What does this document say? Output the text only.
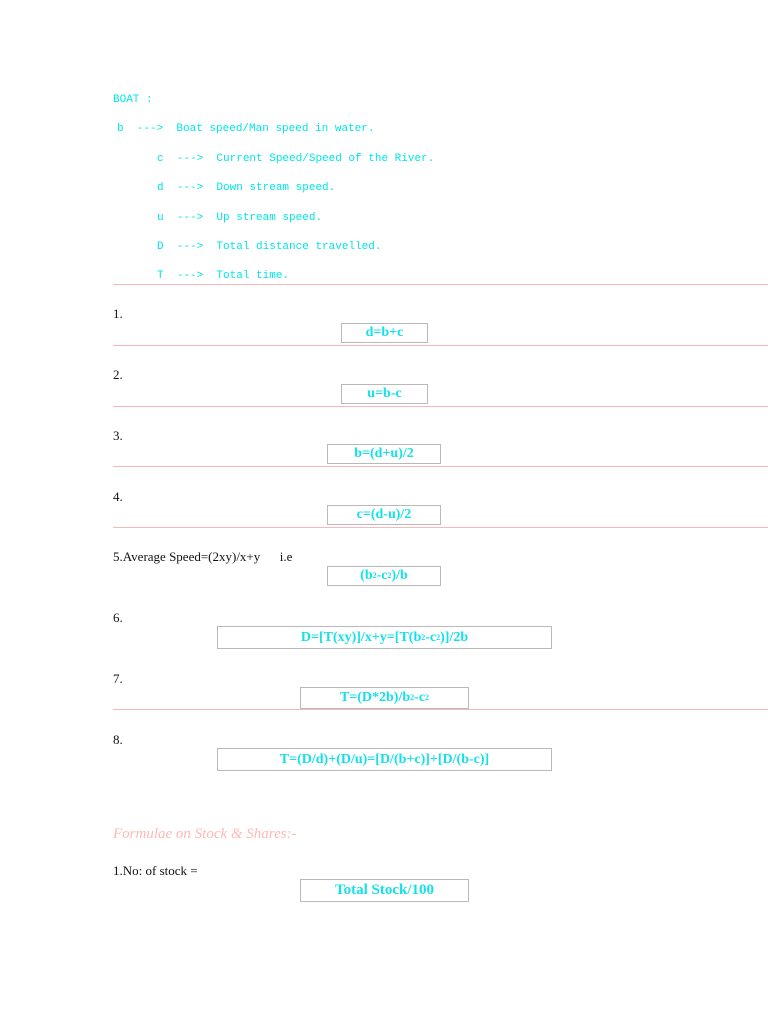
BOAT :
b ---> Boat speed/Man speed in water.
c ---> Current Speed/Speed of the River.
d ---> Down stream speed.
u ---> Up stream speed.
D ---> Total distance travelled.
T ---> Total time.
1.
d=b+c
2.
u=b-c
3.
b=(d+u)/2
4.
c=(d-u)/2
5.Average Speed=(2xy)/x+y      i.e
(b 2 -c 2 )/b
6.
D=[T(xy)]/x+y=[T(b 2 -c 2 )]/2b
7.
T=(D*2b)/b 2 -c 2
8.
T=(D/d)+(D/u)=[D/(b+c)]+[D/(b-c)]
Formulae on Stock & Shares:-
1.No: of stock =
Total Stock/100
